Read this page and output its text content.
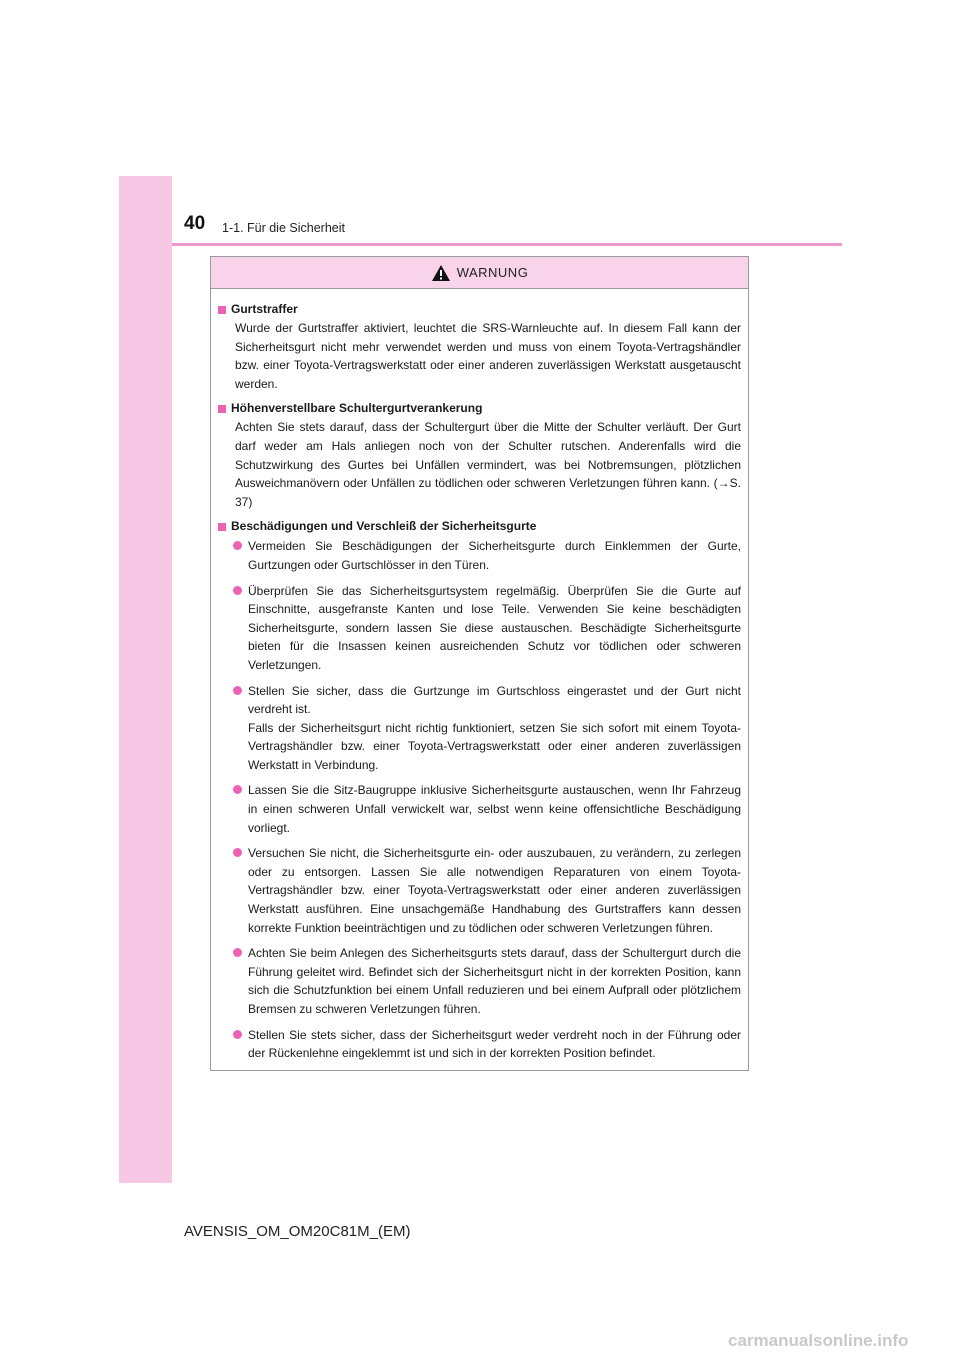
40 1-1. Für die Sicherheit
WARNUNG
Gurtstraffer

Wurde der Gurtstraffer aktiviert, leuchtet die SRS-Warnleuchte auf. In diesem Fall kann der Sicherheitsgurt nicht mehr verwendet werden und muss von einem Toyota-Vertragshändler bzw. einer Toyota-Vertragswerkstatt oder einer anderen zuverlässigen Werkstatt ausgetauscht werden.

Höhenverstellbare Schultergurtverankerung

Achten Sie stets darauf, dass der Schultergurt über die Mitte der Schulter verläuft. Der Gurt darf weder am Hals anliegen noch von der Schulter rutschen. Anderenfalls wird die Schutzwirkung des Gurtes bei Unfällen vermindert, was bei Notbremsungen, plötzlichen Ausweichmanövern oder Unfällen zu tödlichen oder schweren Verletzungen führen kann. (→S. 37)

Beschädigungen und Verschleiß der Sicherheitsgurte
Vermeiden Sie Beschädigungen der Sicherheitsgurte durch Einklemmen der Gurte, Gurtzungen oder Gurtschlösser in den Türen.
Überprüfen Sie das Sicherheitsgurtsystem regelmäßig. Überprüfen Sie die Gurte auf Einschnitte, ausgefranste Kanten und lose Teile. Verwenden Sie keine beschädigten Sicherheitsgurte, sondern lassen Sie diese austauschen. Beschädigte Sicherheitsgurte bieten für die Insassen keinen ausreichenden Schutz vor tödlichen oder schweren Verletzungen.
Stellen Sie sicher, dass die Gurtzunge im Gurtschloss eingerastet und der Gurt nicht verdreht ist.
Falls der Sicherheitsgurt nicht richtig funktioniert, setzen Sie sich sofort mit einem Toyota-Vertragshändler bzw. einer Toyota-Vertragswerkstatt oder einer anderen zuverlässigen Werkstatt in Verbindung.
Lassen Sie die Sitz-Baugruppe inklusive Sicherheitsgurte austauschen, wenn Ihr Fahrzeug in einen schweren Unfall verwickelt war, selbst wenn keine offensichtliche Beschädigung vorliegt.
Versuchen Sie nicht, die Sicherheitsgurte ein- oder auszubauen, zu verändern, zu zerlegen oder zu entsorgen. Lassen Sie alle notwendigen Reparaturen von einem Toyota-Vertragshändler bzw. einer Toyota-Vertragswerkstatt oder einer anderen zuverlässigen Werkstatt ausführen. Eine unsachgemäße Handhabung des Gurtstraffers kann dessen korrekte Funktion beeinträchtigen und zu tödlichen oder schweren Verletzungen führen.
Achten Sie beim Anlegen des Sicherheitsgurts stets darauf, dass der Schultergurt durch die Führung geleitet wird. Befindet sich der Sicherheitsgurt nicht in der korrekten Position, kann sich die Schutzfunktion bei einem Unfall reduzieren und bei einem Aufprall oder plötzlichem Bremsen zu schweren Verletzungen führen.
Stellen Sie stets sicher, dass der Sicherheitsgurt weder verdreht noch in der Führung oder der Rückenlehne eingeklemmt ist und sich in der korrekten Position befindet.
AVENSIS_OM_OM20C81M_(EM)
carmanualsonline.info
